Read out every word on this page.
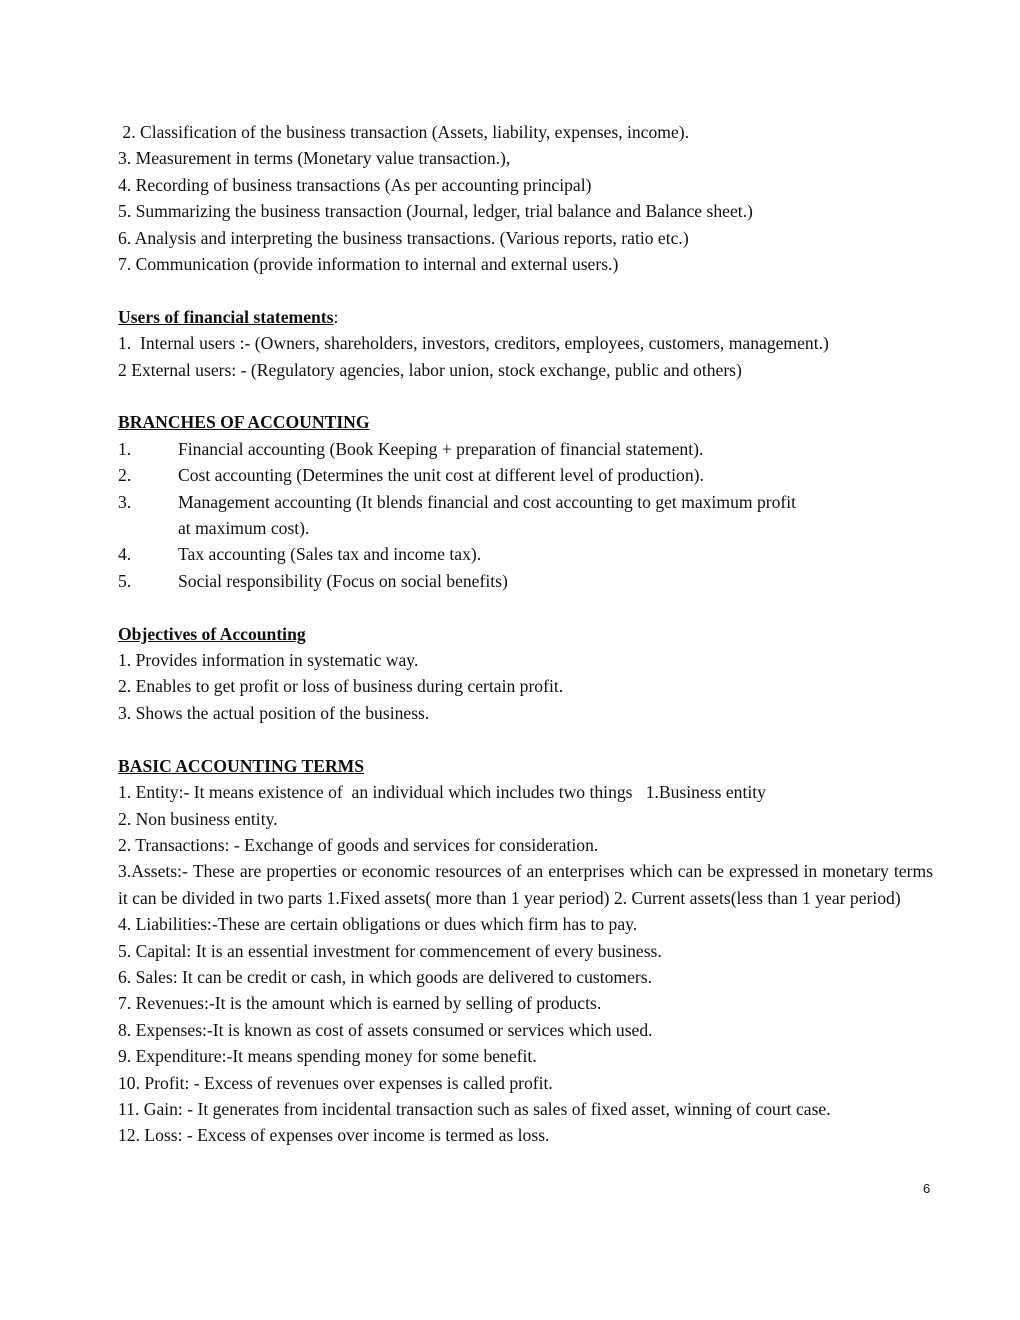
2. Classification of the business transaction (Assets, liability, expenses, income).
3. Measurement in terms (Monetary value transaction.),
4. Recording of business transactions (As per accounting principal)
5. Summarizing the business transaction (Journal, ledger, trial balance and Balance sheet.)
6. Analysis and interpreting the business transactions. (Various reports, ratio etc.)
7. Communication (provide information to internal and external users.)
Users of financial statements:
1.  Internal users :- (Owners, shareholders, investors, creditors, employees, customers, management.)
2 External users: - (Regulatory agencies, labor union, stock exchange, public and others)
BRANCHES OF ACCOUNTING
1.	Financial accounting (Book Keeping + preparation of financial statement).
2.	Cost accounting (Determines the unit cost at different level of production).
3.	Management accounting (It blends financial and cost accounting to get maximum profit
at maximum cost).
4.	Tax accounting (Sales tax and income tax).
5.	Social responsibility (Focus on social benefits)
Objectives of Accounting
1. Provides information in systematic way.
2. Enables to get profit or loss of business during certain profit.
3. Shows the actual position of the business.
BASIC ACCOUNTING TERMS
1. Entity:- It means existence of  an individual which includes two things   1.Business entity
2. Non business entity.
2. Transactions: - Exchange of goods and services for consideration.
3.Assets:- These are properties or economic resources of an enterprises which can be expressed in monetary terms it can be divided in two parts 1.Fixed assets( more than 1 year period) 2. Current assets(less than 1 year period)
4. Liabilities:-These are certain obligations or dues which firm has to pay.
5. Capital: It is an essential investment for commencement of every business.
6. Sales: It can be credit or cash, in which goods are delivered to customers.
7. Revenues:-It is the amount which is earned by selling of products.
8. Expenses:-It is known as cost of assets consumed or services which used.
9. Expenditure:-It means spending money for some benefit.
10. Profit: - Excess of revenues over expenses is called profit.
11. Gain: - It generates from incidental transaction such as sales of fixed asset, winning of court case.
12. Loss: - Excess of expenses over income is termed as loss.
6
